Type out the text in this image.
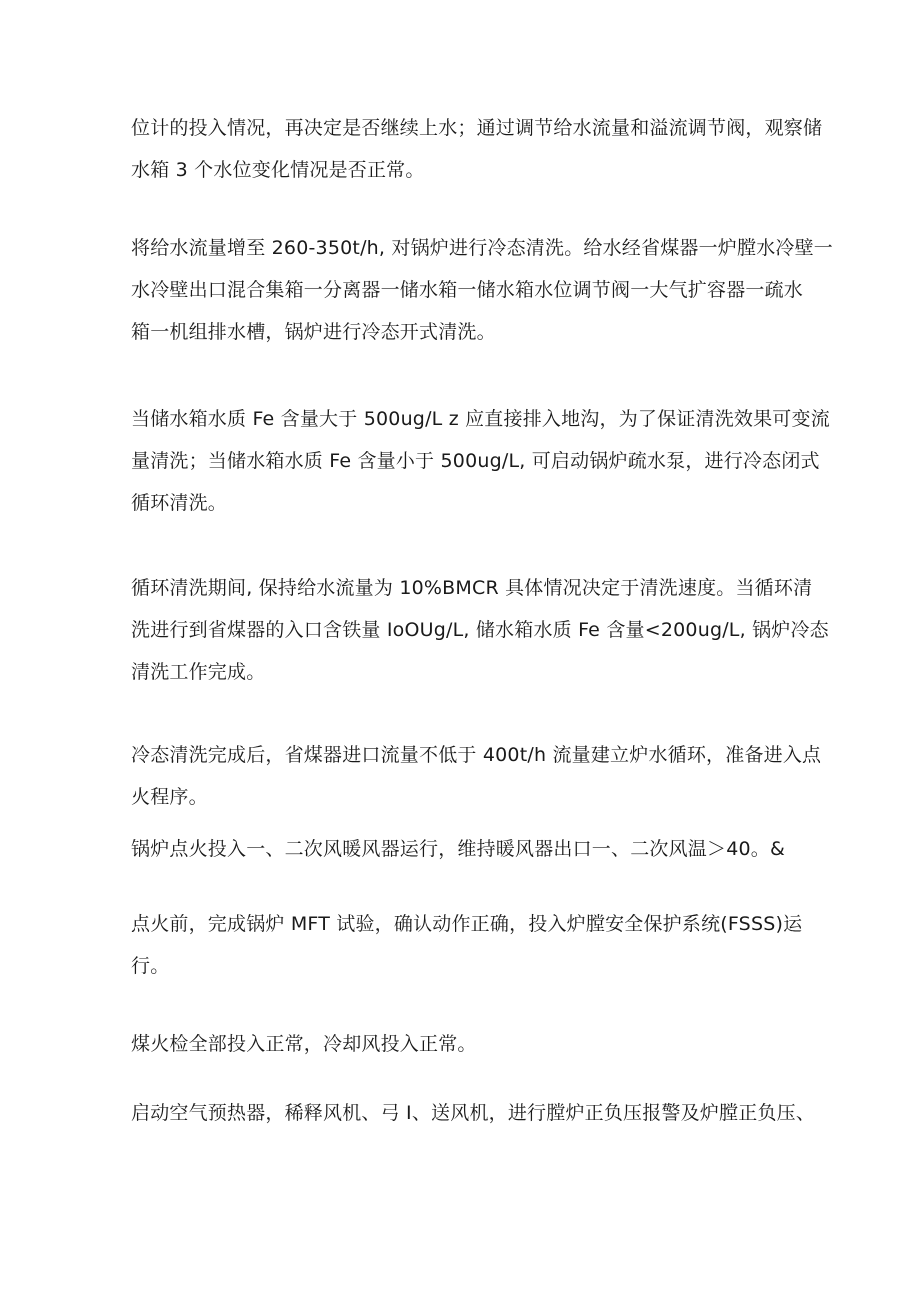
位计的投入情况，再决定是否继续上水；通过调节给水流量和溢流调节阀，观察储
水箱 3 个水位变化情况是否正常。

将给水流量增至 260-350t∕h, 对锅炉进行冷态清洗。给水经省煤器一炉膛水冷壁一
水冷壁出口混合集箱一分离器一储水箱一储水箱水位调节阀一大气扩容器一疏水
箱一机组排水槽，锅炉进行冷态开式清洗。

当储水箱水质 Fe 含量大于 500ug∕L z 应直接排入地沟，为了保证清洗效果可变流
量清洗；当储水箱水质 Fe 含量小于 500ug∕L, 可启动锅炉疏水泵，进行冷态闭式
循环清洗。

循环清洗期间, 保持给水流量为 10%BMCR 具体情况决定于清洗速度。当循环清
洗进行到省煤器的入口含铁量 IoOUg/L, 储水箱水质 Fe 含量<200ug∕L, 锅炉冷态
清洗工作完成。

冷态清洗完成后，省煤器进口流量不低于 400t∕h 流量建立炉水循环，准备进入点
火程序。

锅炉点火投入一、二次风暖风器运行，维持暖风器出口一、二次风温＞40。&

点火前，完成锅炉 MFT 试验，确认动作正确，投入炉膛安全保护系统(FSSS)运
行。

煤火检全部投入正常，冷却风投入正常。

启动空气预热器，稀释风机、弓 I、送风机，进行膛炉正负压报警及炉膛正负压、
